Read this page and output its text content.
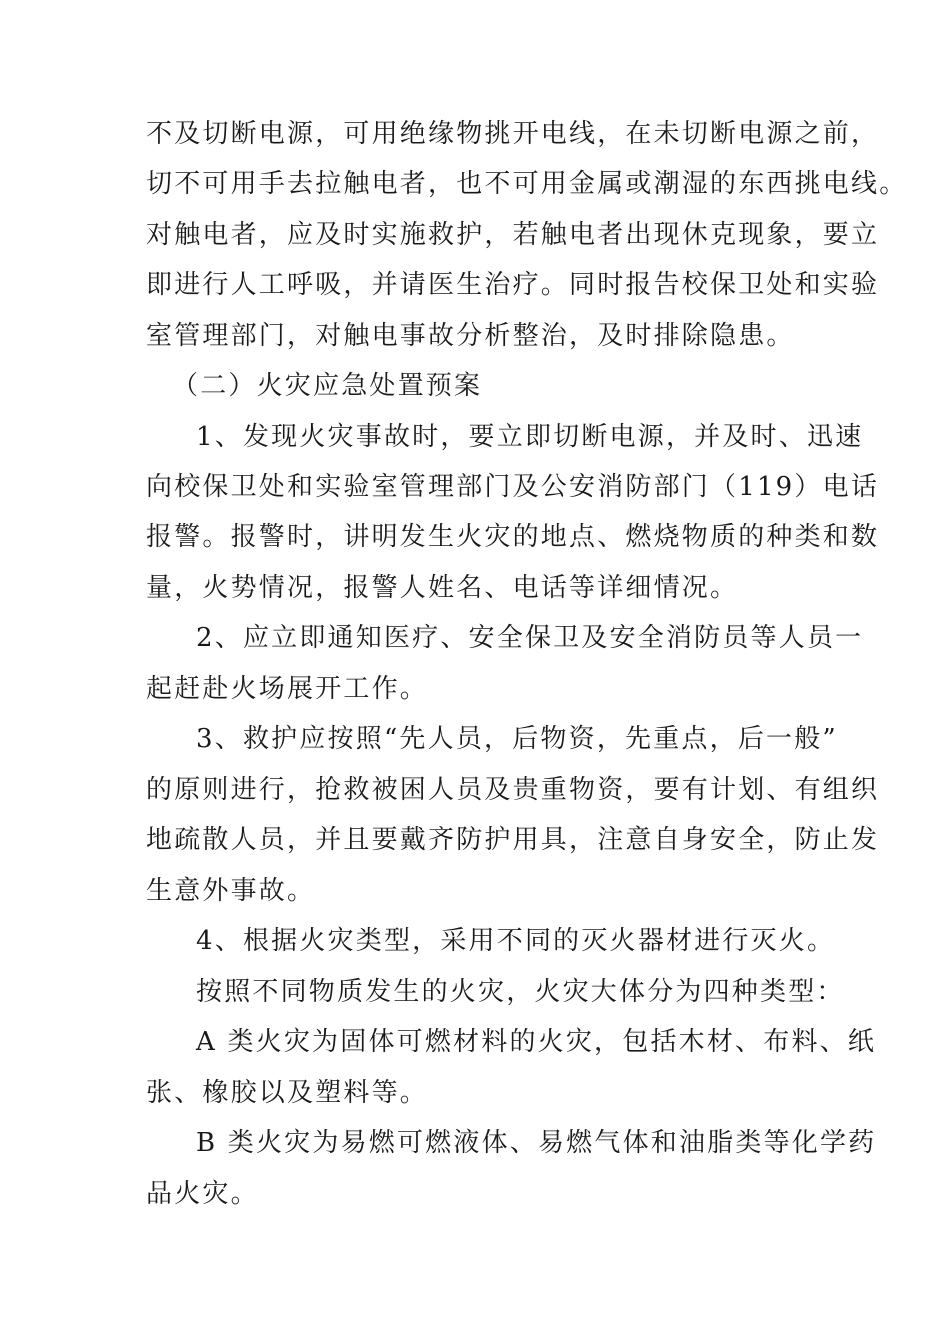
不及切断电源，可用绝缘物挑开电线，在未切断电源之前，
切不可用手去拉触电者，也不可用金属或潮湿的东西挑电线。
对触电者，应及时实施救护，若触电者出现休克现象，要立
即进行人工呼吸，并请医生治疗。同时报告校保卫处和实验
室管理部门，对触电事故分析整治，及时排除隐患。
（二）火灾应急处置预案
1、发现火灾事故时，要立即切断电源，并及时、迅速
向校保卫处和实验室管理部门及公安消防部门（119）电话
报警。报警时，讲明发生火灾的地点、燃烧物质的种类和数
量，火势情况，报警人姓名、电话等详细情况。
2、应立即通知医疗、安全保卫及安全消防员等人员一
起赶赴火场展开工作。
3、救护应按照“先人员，后物资，先重点，后一般”
的原则进行，抢救被困人员及贵重物资，要有计划、有组织
地疏散人员，并且要戴齐防护用具，注意自身安全，防止发
生意外事故。
4、根据火灾类型，采用不同的灭火器材进行灭火。
按照不同物质发生的火灾，火灾大体分为四种类型：
A 类火灾为固体可燃材料的火灾，包括木材、布料、纸
张、橡胶以及塑料等。
B 类火灾为易燃可燃液体、易燃气体和油脂类等化学药
品火灾。
